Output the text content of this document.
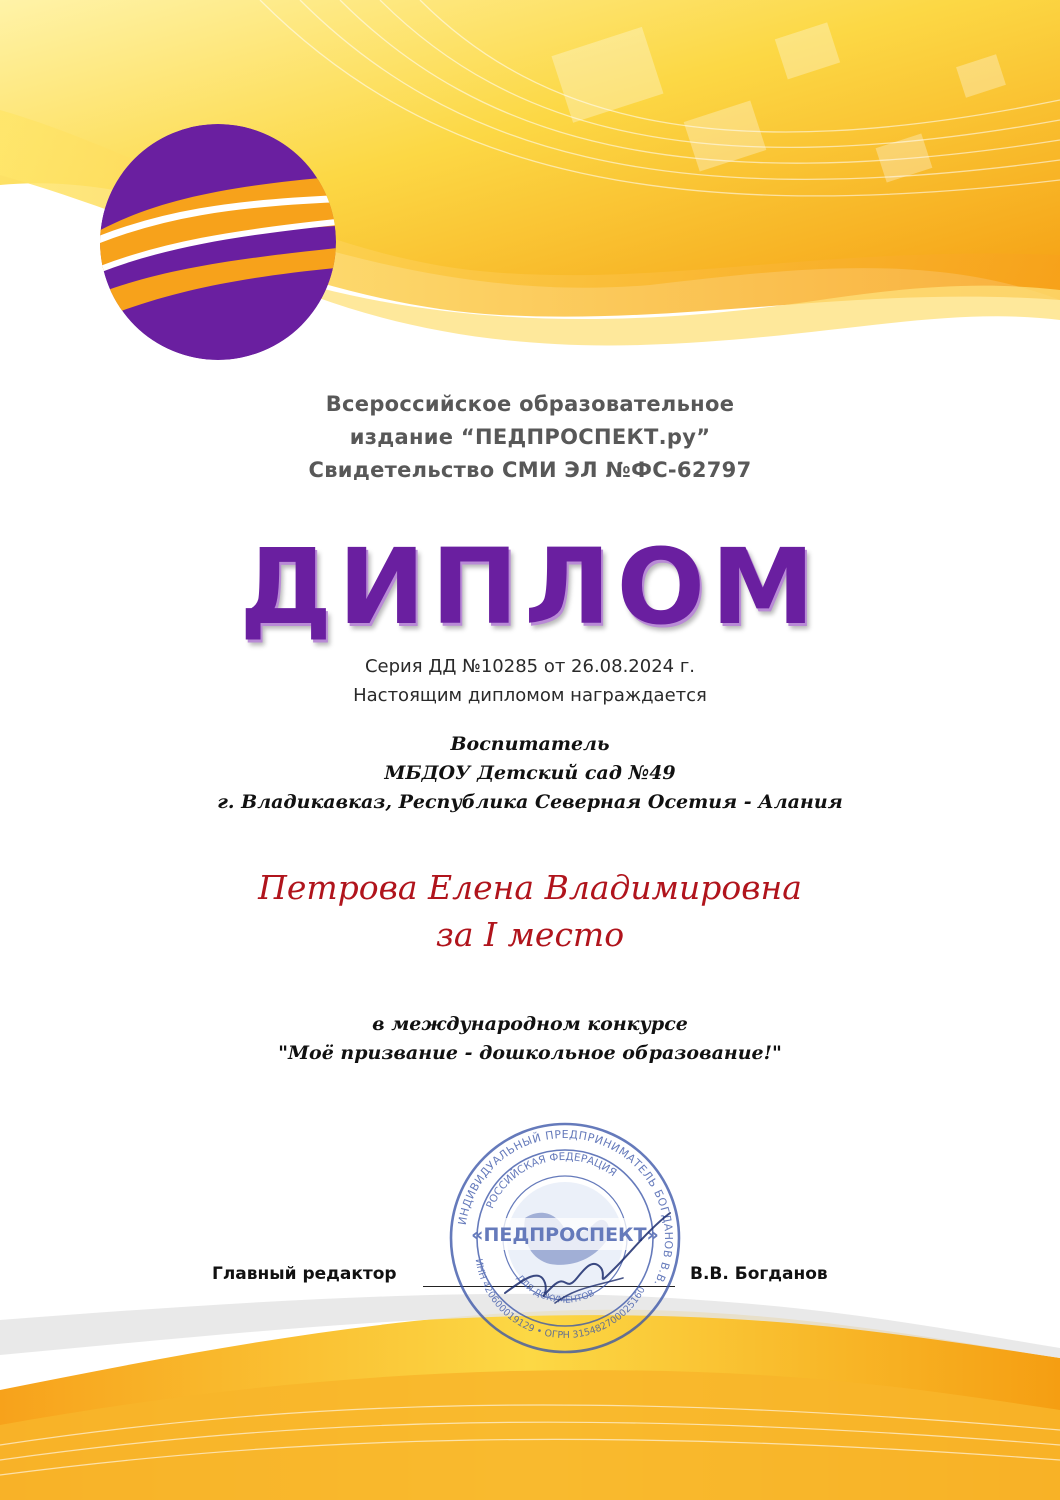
Всероссийское образовательное
издание “ПЕДПРОСПЕКТ.ру”
Свидетельство СМИ ЭЛ №ФС-62797
ДИПЛОМ
Серия ДД №10285 от 26.08.2024 г.
Настоящим дипломом награждается
Воспитатель
МБДОУ Детский сад №49
г. Владикавказ, Республика Северная Осетия - Алания
Петрова Елена Владимировна
за I место
в международном конкурсе
"Моё призвание - дошкольное образование!"

Главный редактор	В.В. Богданов

ИНДИВИДУАЛЬНЫЙ ПРЕДПРИНИМАТЕЛЬ БОГДАНОВ В.В.
РОССИЙСКАЯ ФЕДЕРАЦИЯ
ИНН 420600019129 • ОГРН 315482700025160
ДЛЯ ДОКУМЕНТОВ
«ПЕДПРОСПЕКТ»
